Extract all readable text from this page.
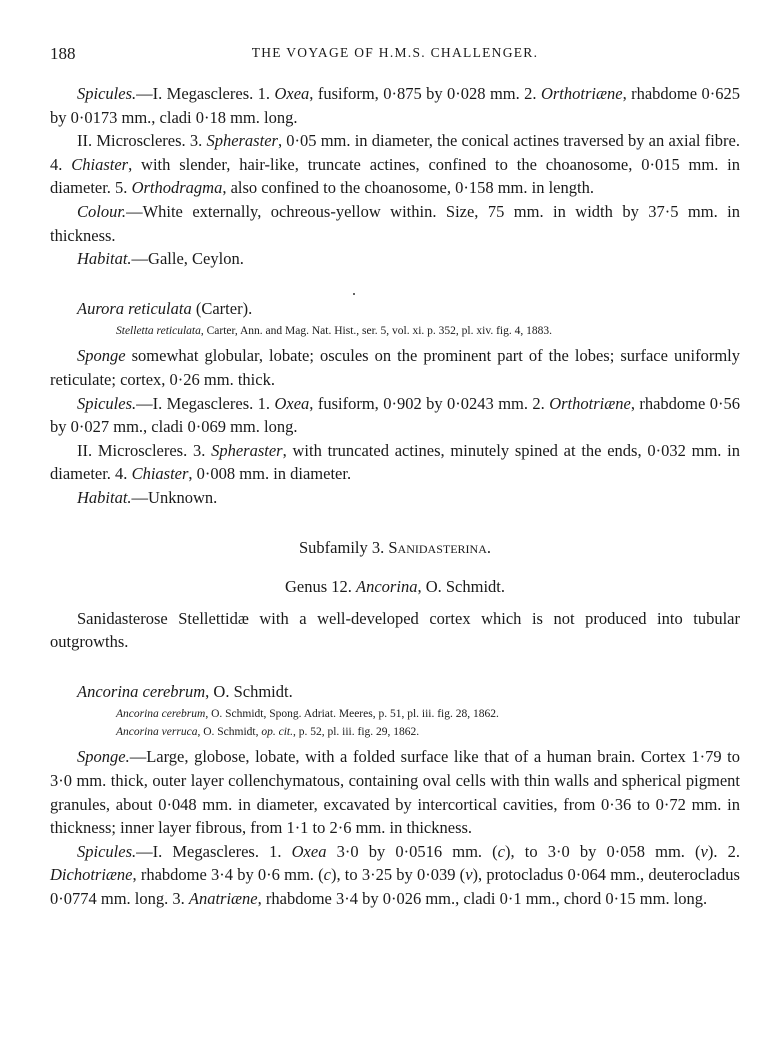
188	THE VOYAGE OF H.M.S. CHALLENGER.

Spicules.—I. Megascleres. 1. Oxea, fusiform, 0·875 by 0·028 mm. 2. Orthotriæne, rhabdome 0·625 by 0·0173 mm., cladi 0·18 mm. long.

II. Microscleres. 3. Spheraster, 0·05 mm. in diameter, the conical actines traversed by an axial fibre. 4. Chiaster, with slender, hair-like, truncate actines, confined to the choanosome, 0·015 mm. in diameter. 5. Orthodragma, also confined to the choanosome, 0·158 mm. in length.

Colour.—White externally, ochreous-yellow within. Size, 75 mm. in width by 37·5 mm. in thickness.

Habitat.—Galle, Ceylon.

Aurora reticulata (Carter).

Stelletta reticulata, Carter, Ann. and Mag. Nat. Hist., ser. 5, vol. xi. p. 352, pl. xiv. fig. 4, 1883.

Sponge somewhat globular, lobate; oscules on the prominent part of the lobes; surface uniformly reticulate; cortex, 0·26 mm. thick.

Spicules.—I. Megascleres. 1. Oxea, fusiform, 0·902 by 0·0243 mm. 2. Orthotriæne, rhabdome 0·56 by 0·027 mm., cladi 0·069 mm. long.

II. Microscleres. 3. Spheraster, with truncated actines, minutely spined at the ends, 0·032 mm. in diameter. 4. Chiaster, 0·008 mm. in diameter.

Habitat.—Unknown.

Subfamily 3. Sanidasterina.

Genus 12. Ancorina, O. Schmidt.

Sanidasterose Stellettidæ with a well-developed cortex which is not produced into tubular outgrowths.

Ancorina cerebrum, O. Schmidt.

Ancorina cerebrum, O. Schmidt, Spong. Adriat. Meeres, p. 51, pl. iii. fig. 28, 1862.

Ancorina verruca, O. Schmidt, op. cit., p. 52, pl. iii. fig. 29, 1862.

Sponge.—Large, globose, lobate, with a folded surface like that of a human brain. Cortex 1·79 to 3·0 mm. thick, outer layer collenchymatous, containing oval cells with thin walls and spherical pigment granules, about 0·048 mm. in diameter, excavated by intercortical cavities, from 0·36 to 0·72 mm. in thickness; inner layer fibrous, from 1·1 to 2·6 mm. in thickness.

Spicules.—I. Megascleres. 1. Oxea 3·0 by 0·0516 mm. (c), to 3·0 by 0·058 mm. (v). 2. Dichotriæne, rhabdome 3·4 by 0·6 mm. (c), to 3·25 by 0·039 (v), protocladus 0·064 mm., deuterocladus 0·0774 mm. long. 3. Anatriæne, rhabdome 3·4 by 0·026 mm., cladi 0·1 mm., chord 0·15 mm. long.
